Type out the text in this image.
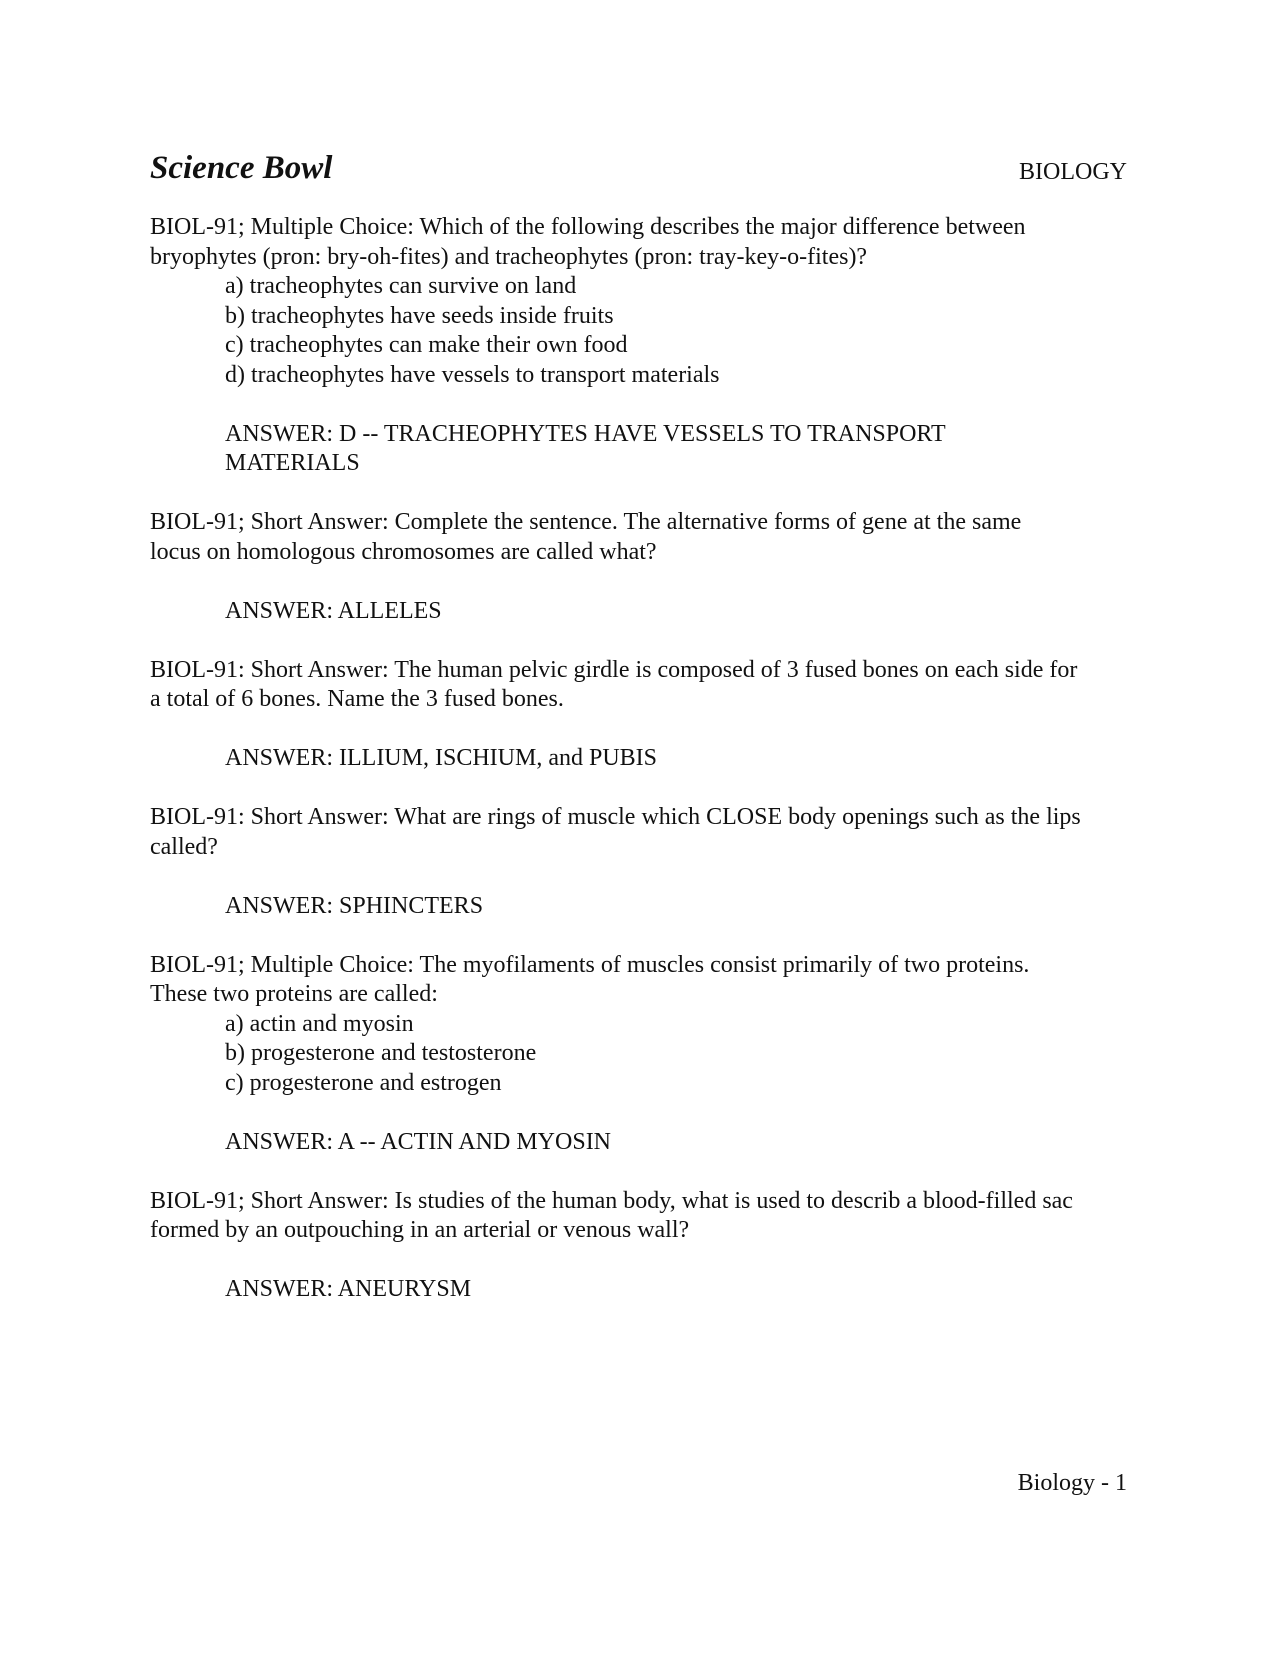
Science Bowl	BIOLOGY

BIOL-91; Multiple Choice: Which of the following describes the major difference between
bryophytes (pron: bry-oh-fites) and tracheophytes (pron: tray-key-o-fites)?

a) tracheophytes can survive on land
b) tracheophytes have seeds inside fruits
c) tracheophytes can make their own food
d) tracheophytes have vessels to transport materials
ANSWER: D -- TRACHEOPHYTES HAVE VESSELS TO TRANSPORT
MATERIALS

BIOL-91; Short Answer: Complete the sentence. The alternative forms of gene at the same
locus on homologous chromosomes are called what?

ANSWER: ALLELES

BIOL-91: Short Answer: The human pelvic girdle is composed of 3 fused bones on each side for
a total of 6 bones. Name the 3 fused bones.

ANSWER: ILLIUM, ISCHIUM, and PUBIS

BIOL-91: Short Answer: What are rings of muscle which CLOSE body openings such as the lips
called?

ANSWER: SPHINCTERS

BIOL-91; Multiple Choice: The myofilaments of muscles consist primarily of two proteins.
These two proteins are called:

a) actin and myosin
b) progesterone and testosterone
c) progesterone and estrogen
ANSWER: A -- ACTIN AND MYOSIN

BIOL-91; Short Answer: Is studies of the human body, what is used to describ a blood-filled sac
formed by an outpouching in an arterial or venous wall?

ANSWER: ANEURYSM
Biology - 1
